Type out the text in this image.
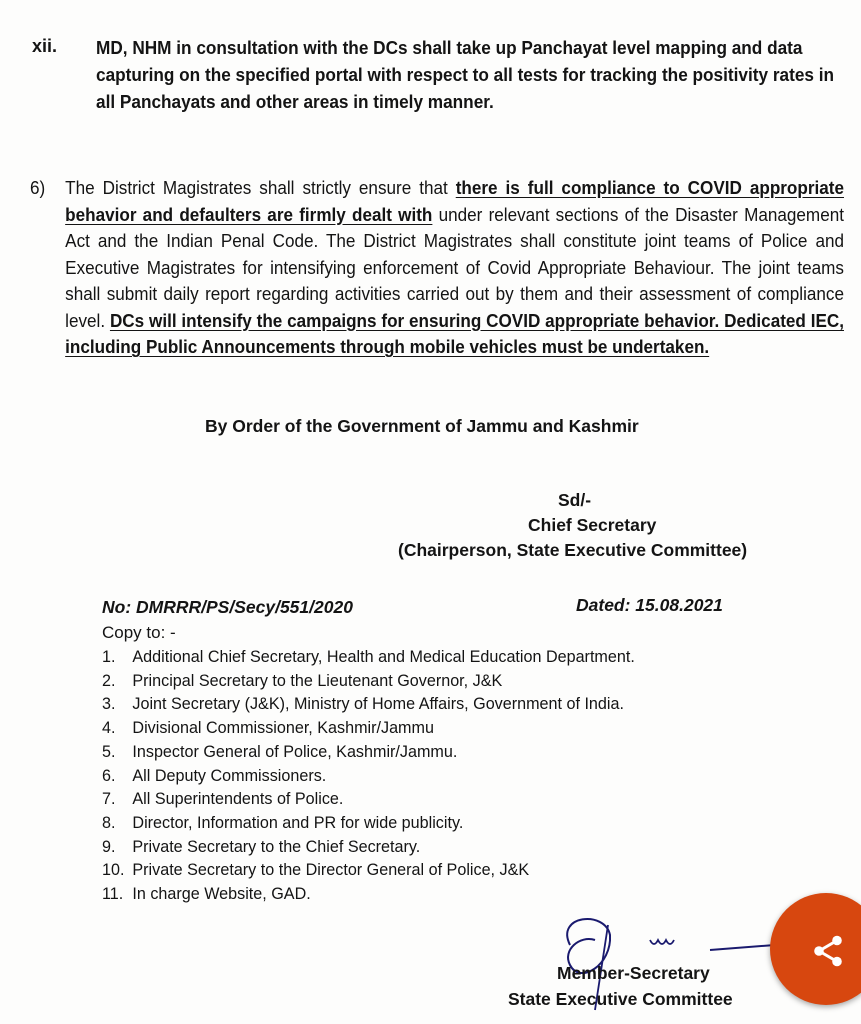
xii. MD, NHM in consultation with the DCs shall take up Panchayat level mapping and data capturing on the specified portal with respect to all tests for tracking the positivity rates in all Panchayats and other areas in timely manner.
6) The District Magistrates shall strictly ensure that there is full compliance to COVID appropriate behavior and defaulters are firmly dealt with under relevant sections of the Disaster Management Act and the Indian Penal Code. The District Magistrates shall constitute joint teams of Police and Executive Magistrates for intensifying enforcement of Covid Appropriate Behaviour. The joint teams shall submit daily report regarding activities carried out by them and their assessment of compliance level. DCs will intensify the campaigns for ensuring COVID appropriate behavior. Dedicated IEC, including Public Announcements through mobile vehicles must be undertaken.
By Order of the Government of Jammu and Kashmir
Sd/-
Chief Secretary
(Chairperson, State Executive Committee)
No: DMRRR/PS/Secy/551/2020	Dated: 15.08.2021
Copy to: -
1. Additional Chief Secretary, Health and Medical Education Department.
2. Principal Secretary to the Lieutenant Governor, J&K
3. Joint Secretary (J&K), Ministry of Home Affairs, Government of India.
4. Divisional Commissioner, Kashmir/Jammu
5. Inspector General of Police, Kashmir/Jammu.
6. All Deputy Commissioners.
7. All Superintendents of Police.
8. Director, Information and PR for wide publicity.
9. Private Secretary to the Chief Secretary.
10. Private Secretary to the Director General of Police, J&K
11. In charge Website, GAD.
Member-Secretary
State Executive Committee
